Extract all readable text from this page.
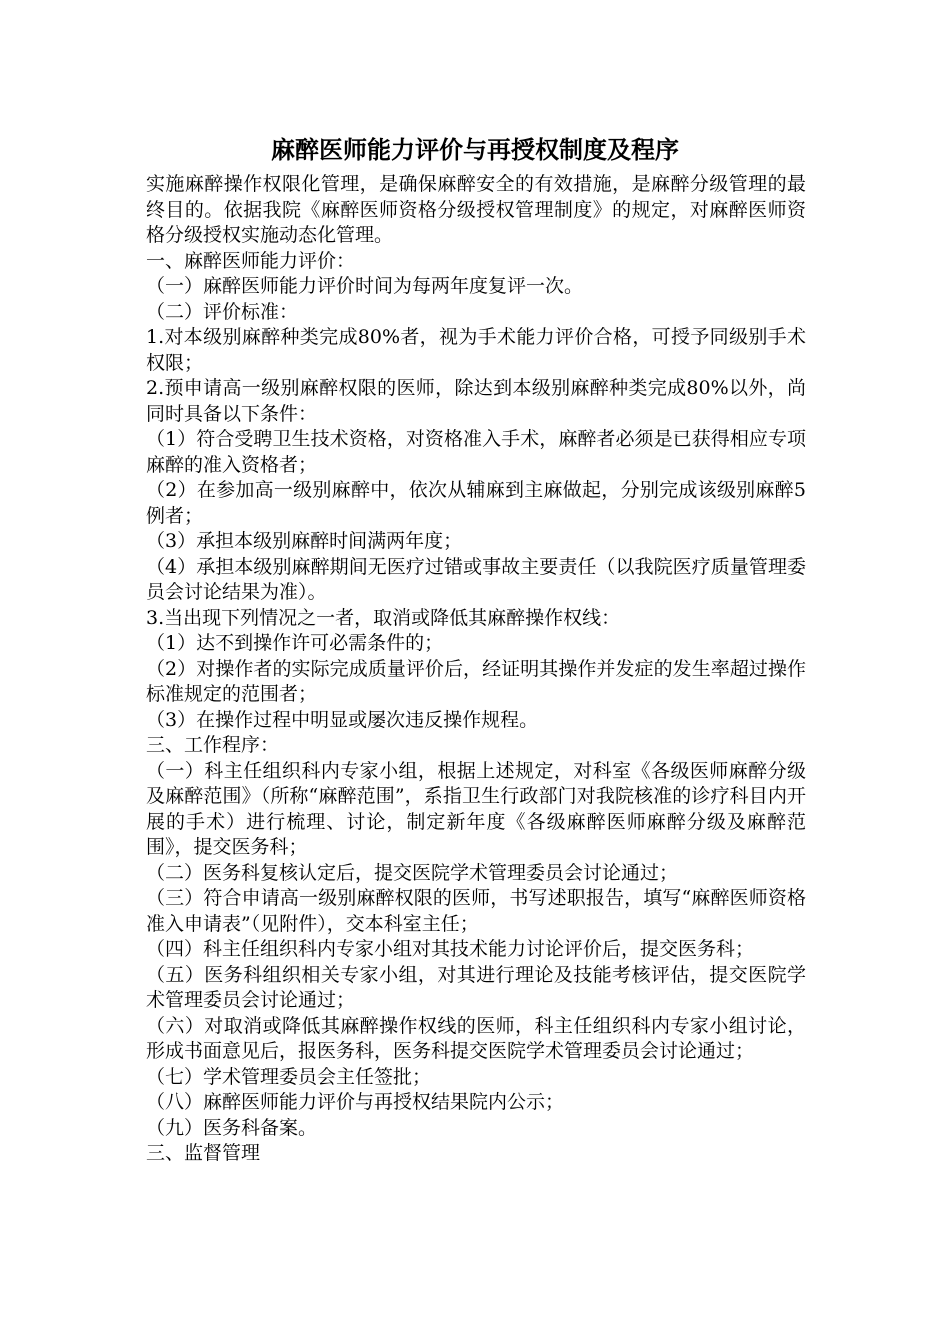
麻醉医师能力评价与再授权制度及程序

实施麻醉操作权限化管理，是确保麻醉安全的有效措施，是麻醉分级管理的最终目的。依据我院《麻醉医师资格分级授权管理制度》的规定，对麻醉医师资格分级授权实施动态化管理。

一、麻醉医师能力评价：

（一）麻醉医师能力评价时间为每两年度复评一次。

（二）评价标准：

1.对本级别麻醉种类完成80%者，视为手术能力评价合格，可授予同级别手术权限；

2.预申请高一级别麻醉权限的医师，除达到本级别麻醉种类完成80%以外，尚同时具备以下条件：

（1）符合受聘卫生技术资格，对资格准入手术，麻醉者必须是已获得相应专项麻醉的准入资格者；

（2）在参加高一级别麻醉中，依次从辅麻到主麻做起，分别完成该级别麻醉5例者；

（3）承担本级别麻醉时间满两年度；

（4）承担本级别麻醉期间无医疗过错或事故主要责任（以我院医疗质量管理委员会讨论结果为准）。

3.当出现下列情况之一者，取消或降低其麻醉操作权线：

（1）达不到操作许可必需条件的；

（2）对操作者的实际完成质量评价后，经证明其操作并发症的发生率超过操作标准规定的范围者；

（3）在操作过程中明显或屡次违反操作规程。

三、工作程序：

（一）科主任组织科内专家小组，根据上述规定，对科室《各级医师麻醉分级及麻醉范围》（所称“麻醉范围”，系指卫生行政部门对我院核准的诊疗科目内开展的手术）进行梳理、讨论，制定新年度《各级麻醉医师麻醉分级及麻醉范围》，提交医务科；

（二）医务科复核认定后，提交医院学术管理委员会讨论通过；

（三）符合申请高一级别麻醉权限的医师，书写述职报告，填写“麻醉医师资格准入申请表”（见附件），交本科室主任；

（四）科主任组织科内专家小组对其技术能力讨论评价后，提交医务科；

（五）医务科组织相关专家小组，对其进行理论及技能考核评估，提交医院学术管理委员会讨论通过；

（六）对取消或降低其麻醉操作权线的医师，科主任组织科内专家小组讨论，形成书面意见后，报医务科，医务科提交医院学术管理委员会讨论通过；

（七）学术管理委员会主任签批；

（八）麻醉医师能力评价与再授权结果院内公示；

（九）医务科备案。

三、监督管理
